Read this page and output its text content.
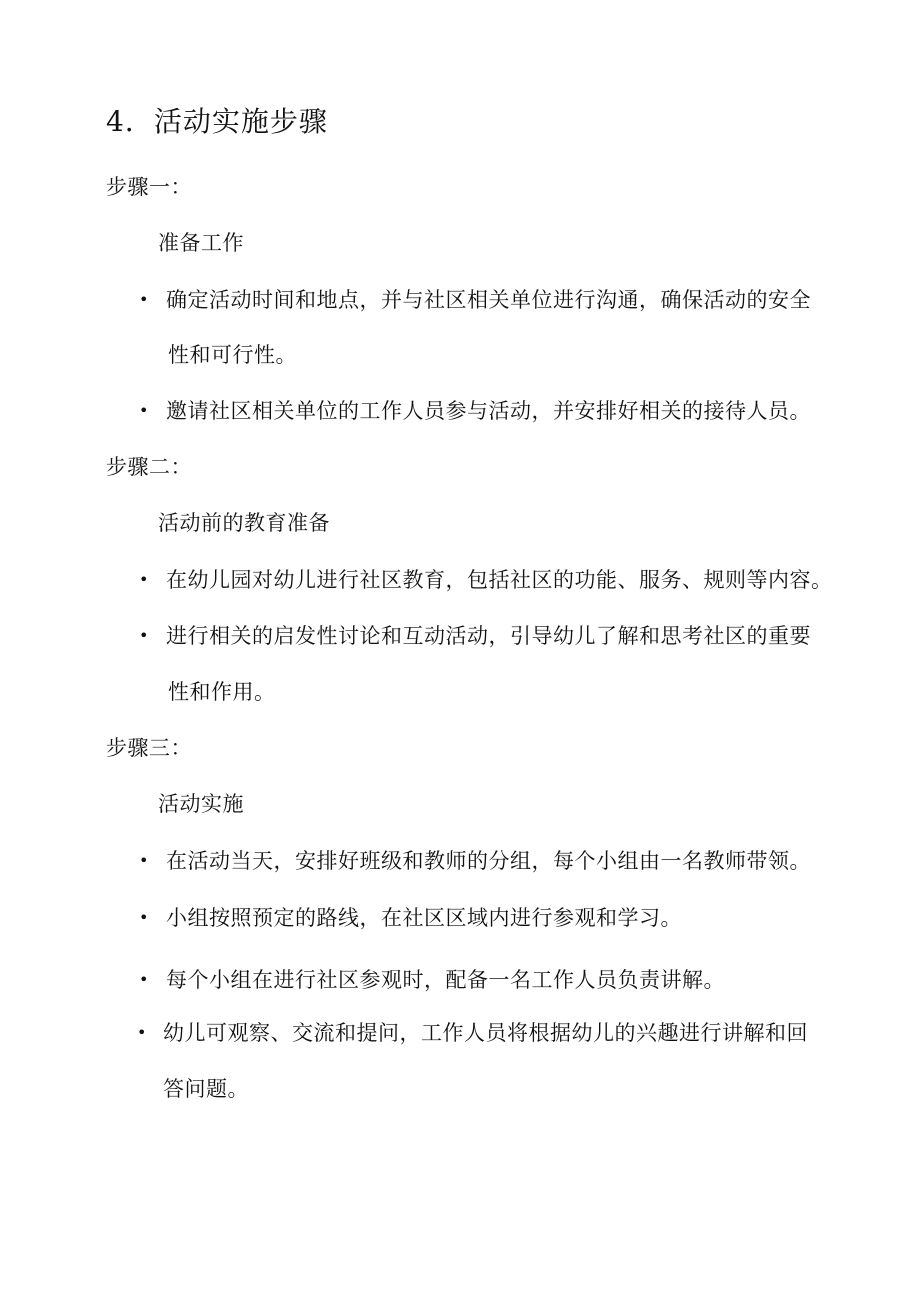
4．活动实施步骤
步骤一：
准备工作
• 确定活动时间和地点，并与社区相关单位进行沟通，确保活动的安全
性和可行性。
• 邀请社区相关单位的工作人员参与活动，并安排好相关的接待人员。
步骤二：
活动前的教育准备
• 在幼儿园对幼儿进行社区教育，包括社区的功能、服务、规则等内容。
• 进行相关的启发性讨论和互动活动，引导幼儿了解和思考社区的重要
性和作用。
步骤三：
活动实施
• 在活动当天，安排好班级和教师的分组，每个小组由一名教师带领。
• 小组按照预定的路线，在社区区域内进行参观和学习。
• 每个小组在进行社区参观时，配备一名工作人员负责讲解。
• 幼儿可观察、交流和提问，工作人员将根据幼儿的兴趣进行讲解和回
答问题。
